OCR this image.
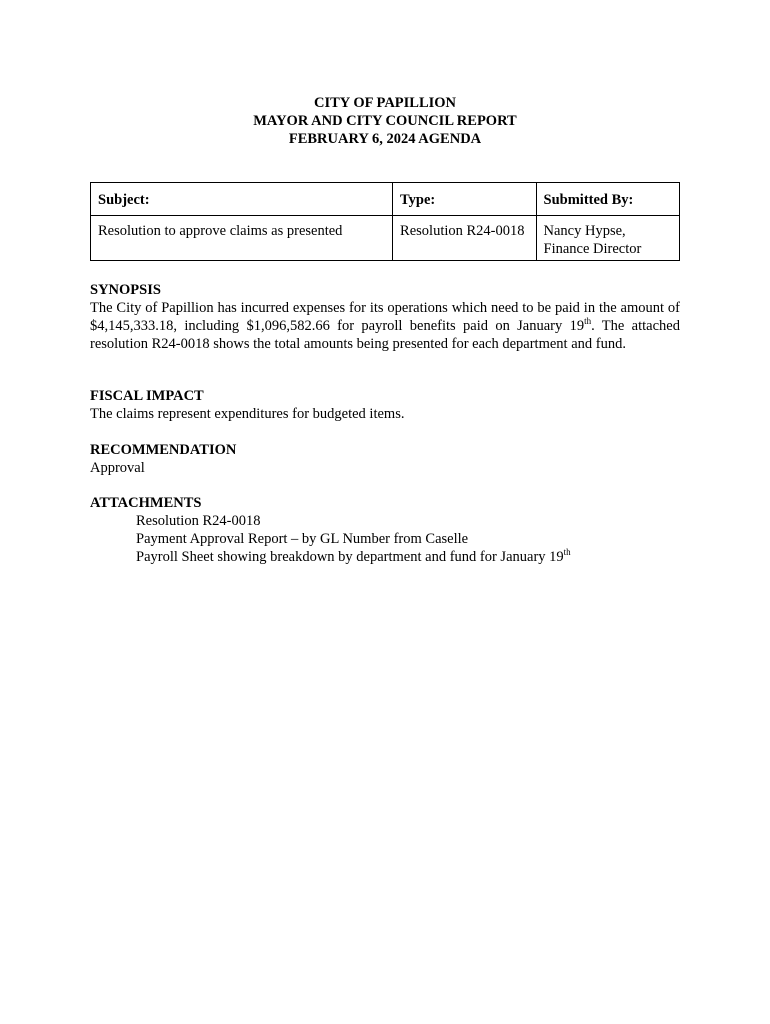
CITY OF PAPILLION
MAYOR AND CITY COUNCIL REPORT
FEBRUARY 6, 2024 AGENDA
Subject:	Type:	Submitted By:
Resolution to approve claims as presented	Resolution R24-0018	Nancy Hypse,
Finance Director
SYNOPSIS
The City of Papillion has incurred expenses for its operations which need to be paid in the amount of $4,145,333.18, including $1,096,582.66 for payroll benefits paid on January 19th. The attached resolution R24-0018 shows the total amounts being presented for each department and fund.
FISCAL IMPACT
The claims represent expenditures for budgeted items.
RECOMMENDATION
Approval
ATTACHMENTS
Resolution R24-0018
Payment Approval Report – by GL Number from Caselle
Payroll Sheet showing breakdown by department and fund for January 19th
